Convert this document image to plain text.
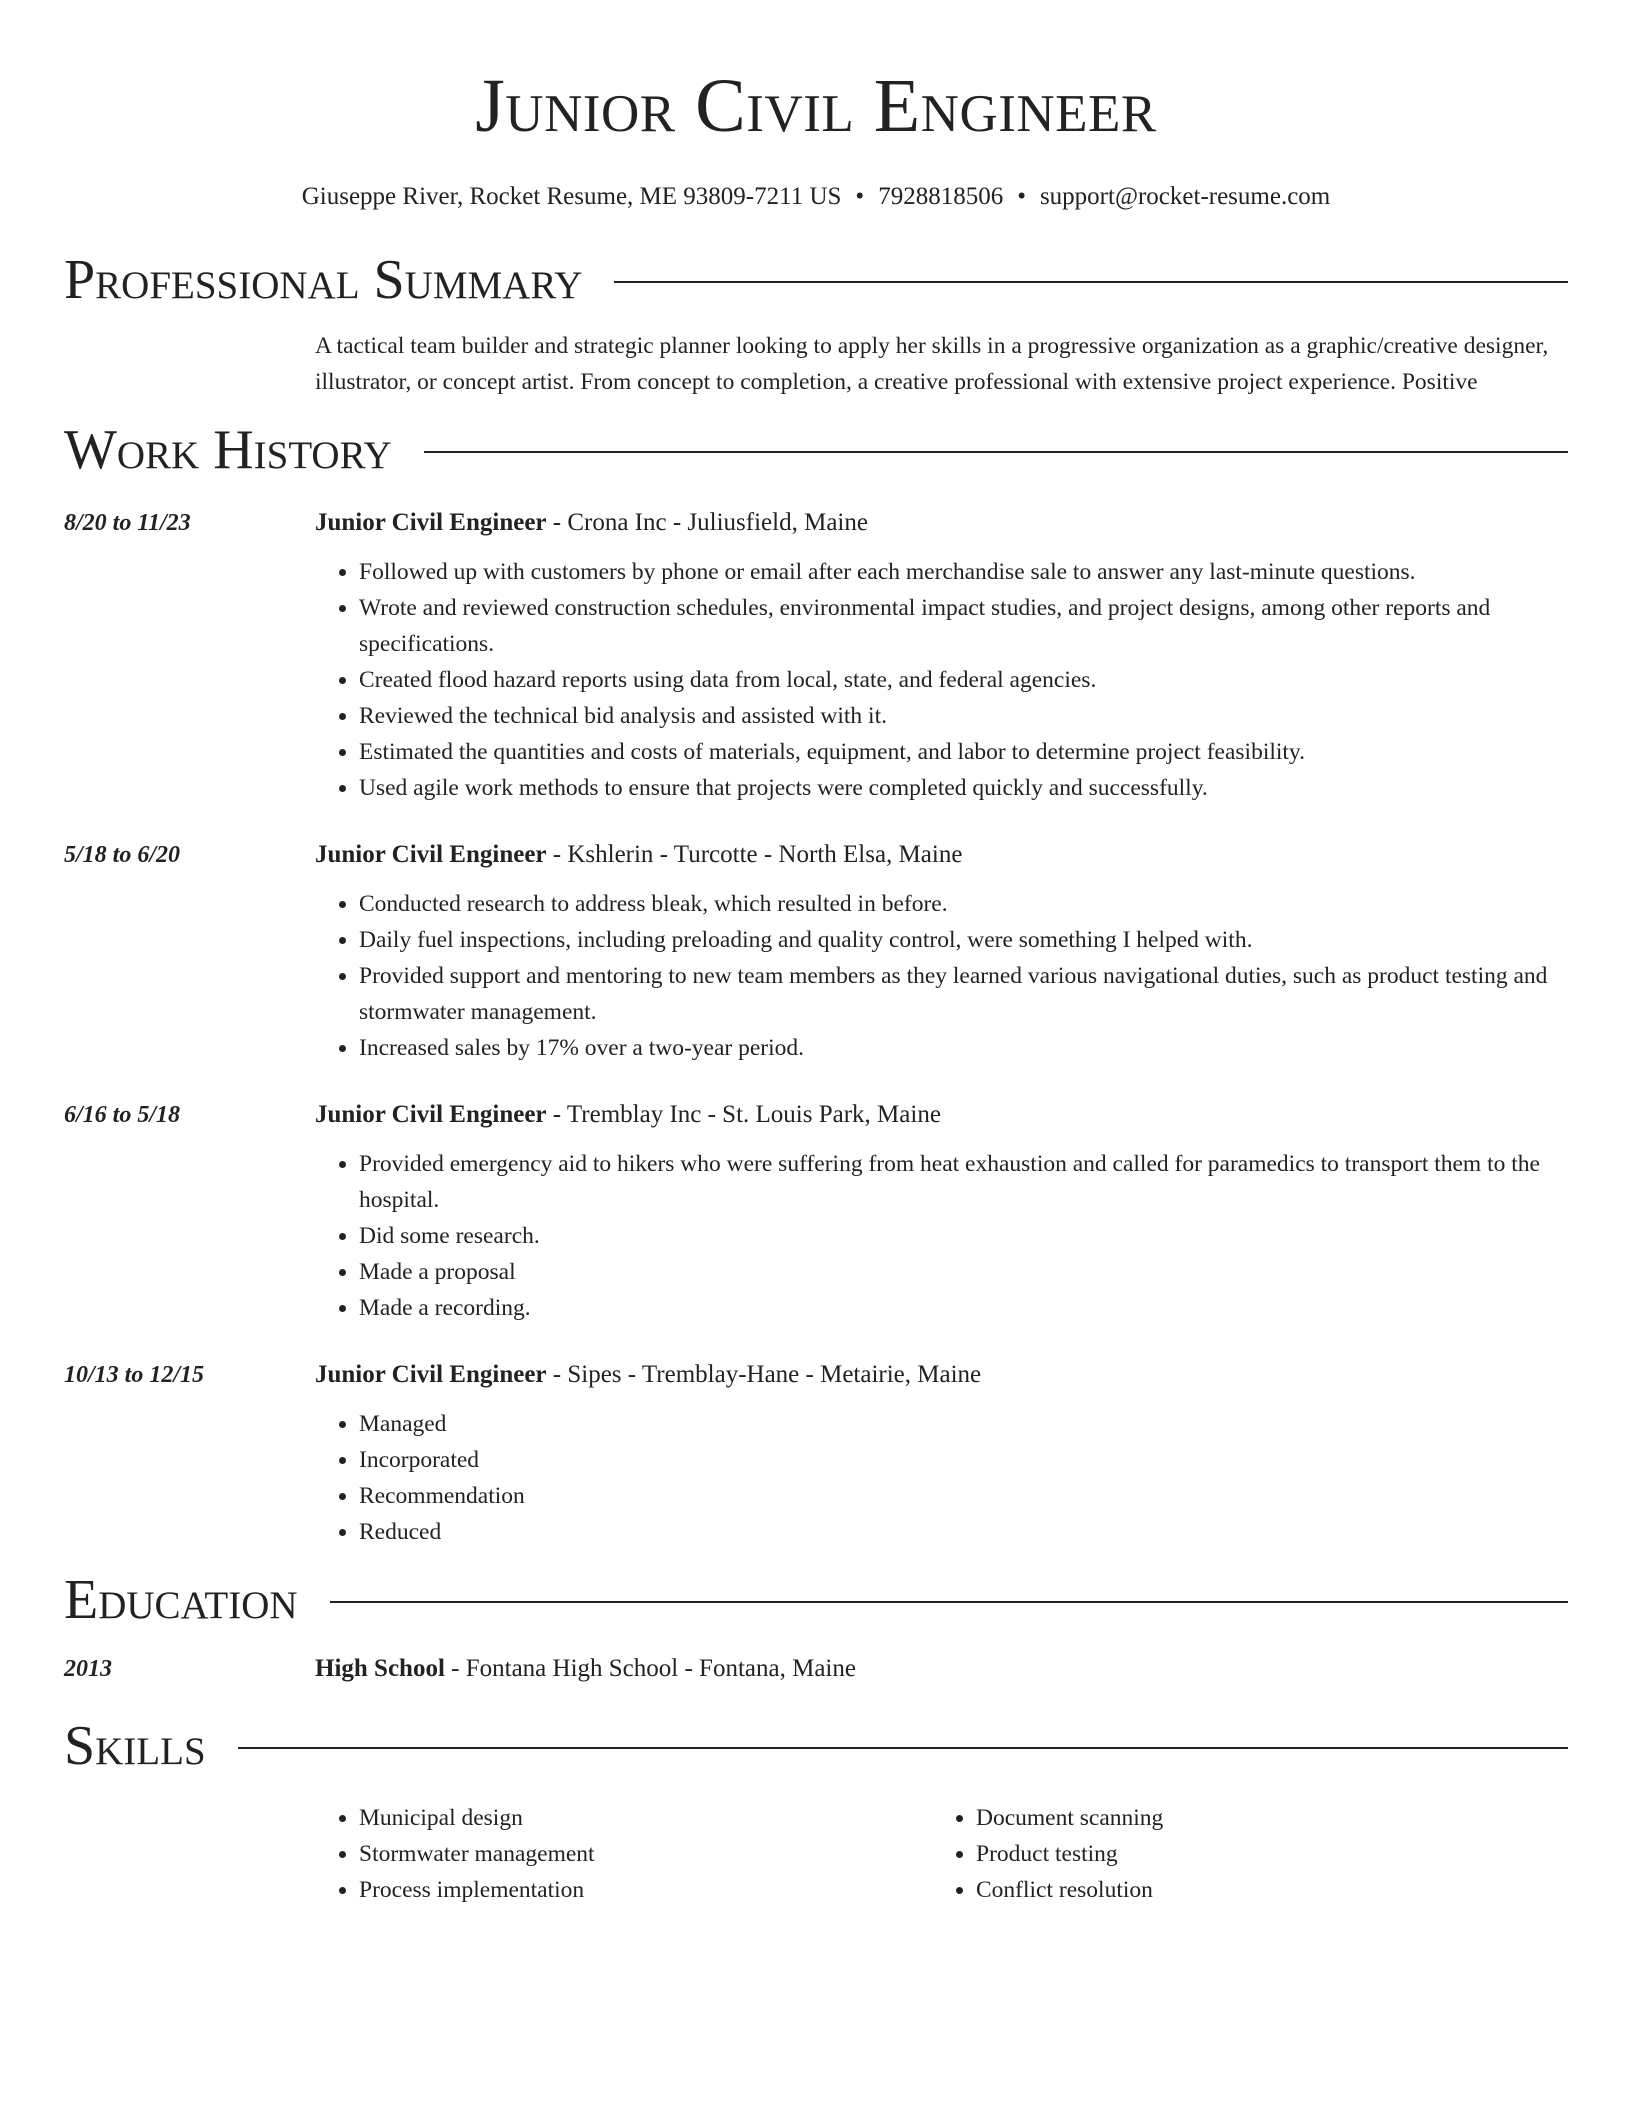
Junior Civil Engineer
Giuseppe River, Rocket Resume, ME 93809-7211 US • 7928818506 • support@rocket-resume.com
Professional Summary
A tactical team builder and strategic planner looking to apply her skills in a progressive organization as a graphic/creative designer, illustrator, or concept artist. From concept to completion, a creative professional with extensive project experience. Positive
Work History
8/20 to 11/23	Junior Civil Engineer - Crona Inc - Juliusfield, Maine
• Followed up with customers by phone or email after each merchandise sale to answer any last-minute questions.
• Wrote and reviewed construction schedules, environmental impact studies, and project designs, among other reports and specifications.
• Created flood hazard reports using data from local, state, and federal agencies.
• Reviewed the technical bid analysis and assisted with it.
• Estimated the quantities and costs of materials, equipment, and labor to determine project feasibility.
• Used agile work methods to ensure that projects were completed quickly and successfully.
5/18 to 6/20	Junior Civil Engineer - Kshlerin - Turcotte - North Elsa, Maine
• Conducted research to address bleak, which resulted in before.
• Daily fuel inspections, including preloading and quality control, were something I helped with.
• Provided support and mentoring to new team members as they learned various navigational duties, such as product testing and stormwater management.
• Increased sales by 17% over a two-year period.
6/16 to 5/18	Junior Civil Engineer - Tremblay Inc - St. Louis Park, Maine
• Provided emergency aid to hikers who were suffering from heat exhaustion and called for paramedics to transport them to the hospital.
• Did some research.
• Made a proposal
• Made a recording.
10/13 to 12/15	Junior Civil Engineer - Sipes - Tremblay-Hane - Metairie, Maine
• Managed
• Incorporated
• Recommendation
• Reduced
Education
2013	High School - Fontana High School - Fontana, Maine
Skills
• Municipal design
• Stormwater management
• Process implementation
• Document scanning
• Product testing
• Conflict resolution
